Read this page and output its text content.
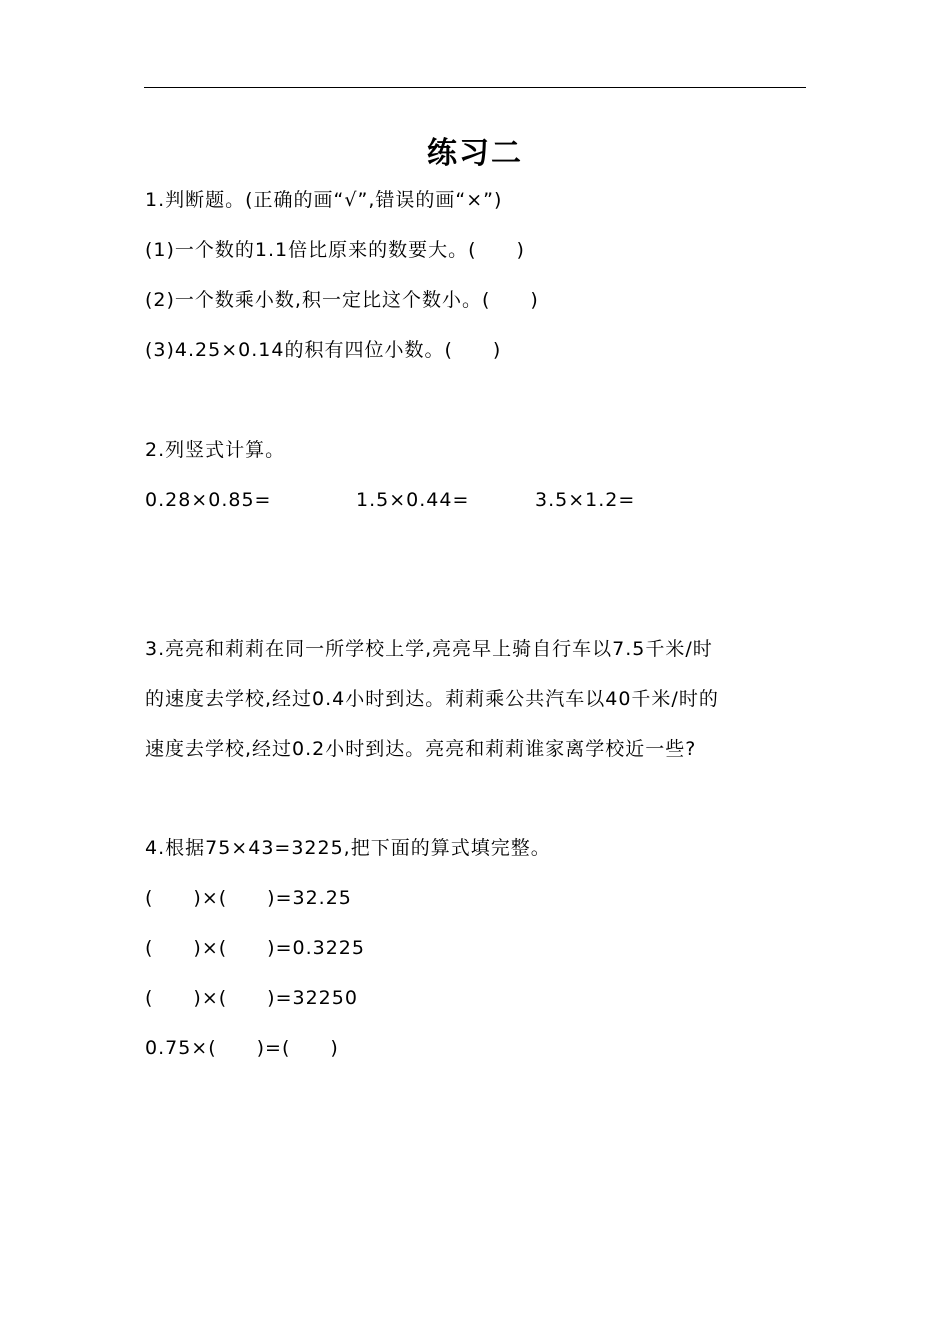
练习二
1.判断题。(正确的画“√”,错误的画“×”)
(1)一个数的1.1倍比原来的数要大。(　　)
(2)一个数乘小数,积一定比这个数小。(　　)
(3)4.25×0.14的积有四位小数。(　　)
2.列竖式计算。
0.28×0.85=	1.5×0.44=	3.5×1.2=
3.亮亮和莉莉在同一所学校上学,亮亮早上骑自行车以7.5千米/时
的速度去学校,经过0.4小时到达。莉莉乘公共汽车以40千米/时的
速度去学校,经过0.2小时到达。亮亮和莉莉谁家离学校近一些?
4.根据75×43=3225,把下面的算式填完整。
(　　)×(　　)=32.25
(　　)×(　　)=0.3225
(　　)×(　　)=32250
0.75×(　　)=(　　)
